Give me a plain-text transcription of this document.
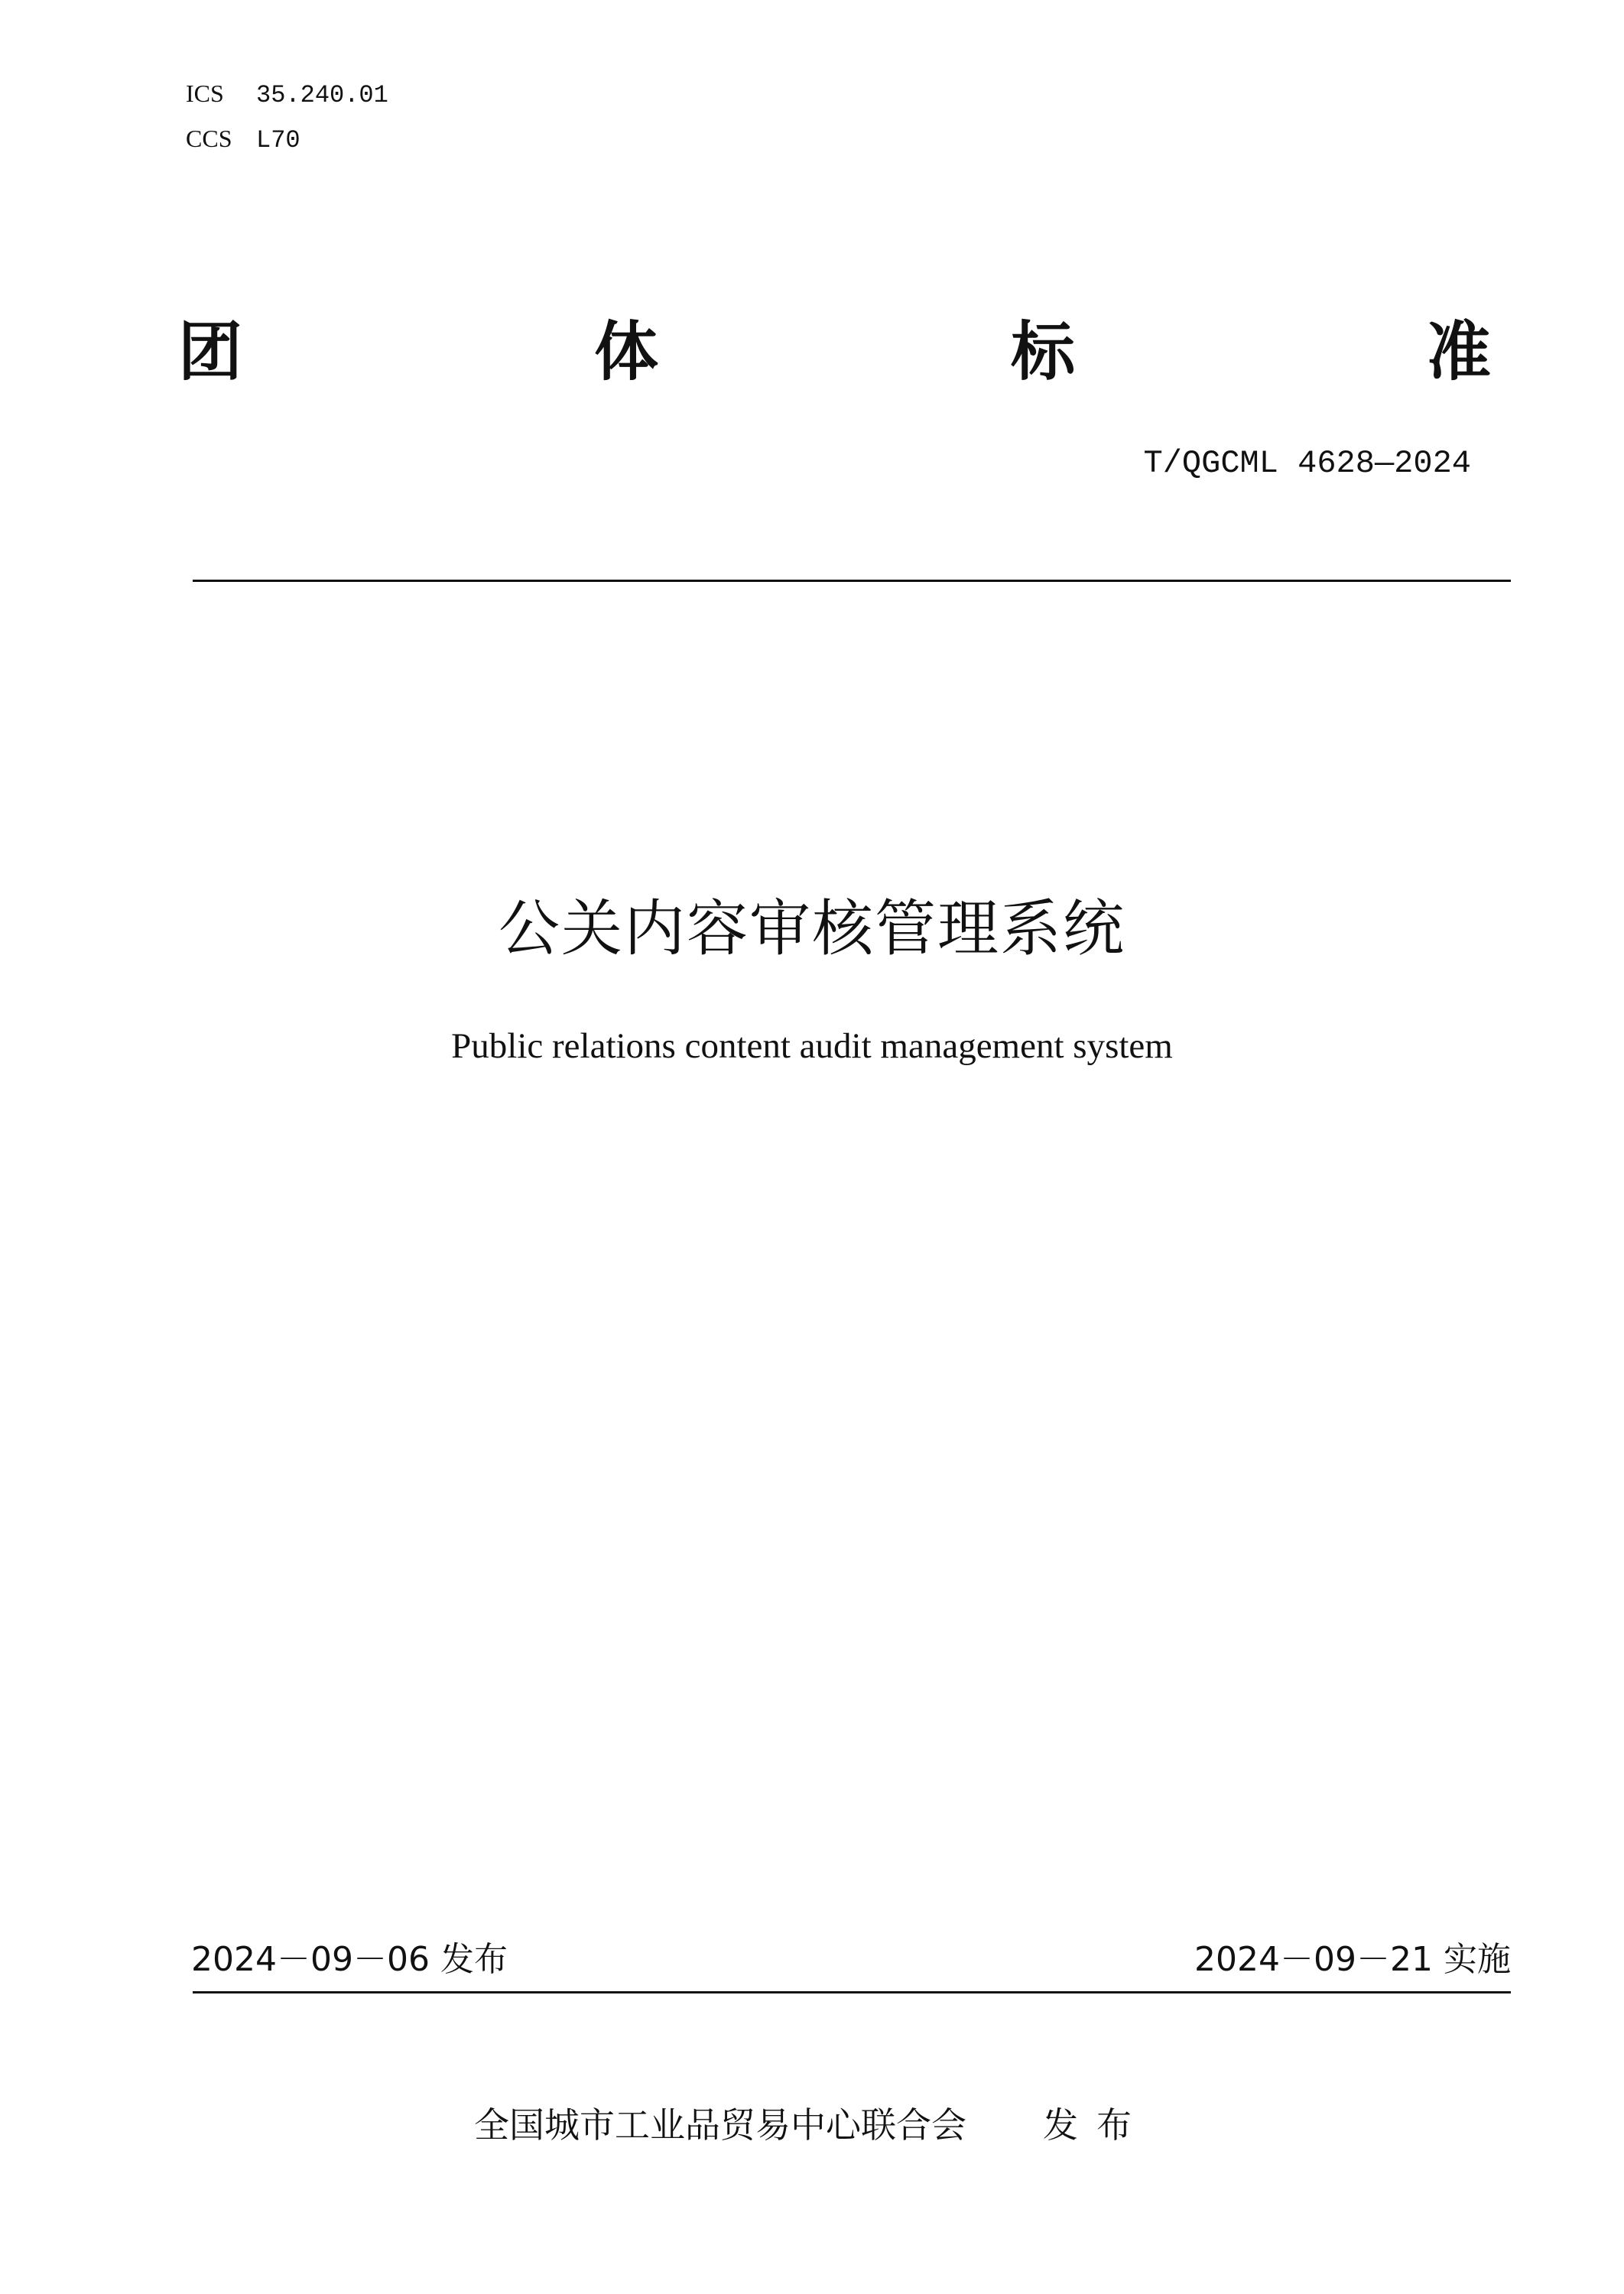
ICS 35.240.01
CCS L70
团	体	标	准
T/QGCML 4628—2024
公关内容审核管理系统
Public relations content audit management system
2024－09－06 发布	2024－09－21 实施
全国城市工业品贸易中心联合会 发布
